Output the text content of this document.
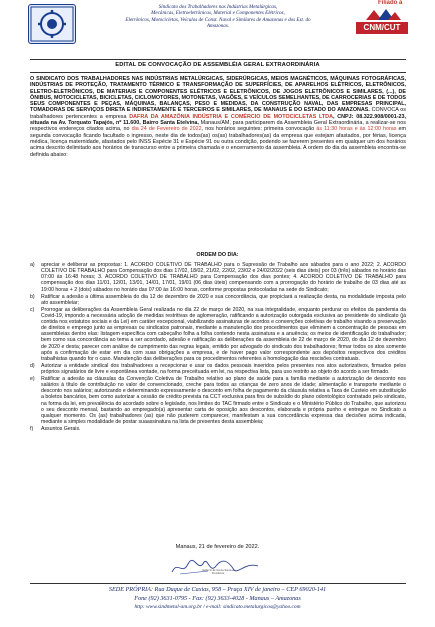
Sindicato dos Trabalhadores nas Indústrias Metalúrgicas,
Mecânicas, Eletroeletrônicas, Material e Componentes Elétricos,
Eletrônicos, Motocicletas, Veículos de Const. Naval e Similares de Amazonas e dos Est. do
Amazonas.
Filiado à
CNM/CUT
EDITAL DE CONVOCAÇÃO DE ASSEMBLÉIA GERAL EXTRAORDINÁRIA
O SINDICATO DOS TRABALHADORES NAS INDÚSTRIAS METALÚRGICAS, SIDERÚRGICAS, MEIOS MAGNÉTICOS, MÁQUINAS FOTOGRÁFICAS, INDÚSTRIAS DE PROTEÇÃO, TRATAMENTO TÉRMICO E TRANSFORMAÇÃO DE SUPERFÍCIES, DE APARELHOS ELÉTRICOS, ELETRÔNICOS, ELETRO-ELETRÔNICOS, DE MATERIAIS E COMPONENTES ELÉTRICOS E ELETRÔNICOS, DE JOGOS ELETRÔNICOS E SIMILARES, (...), DE ÔNIBUS, MOTOCICLETAS, BICICLETAS, CICLOMOTORES, MOTONETAS, VAGÕES, E VEÍCULOS SEMELHANTES, DE CARROCERIAS E DE TODOS SEUS COMPONENTES E PEÇAS, MÁQUINAS, BALANÇAS, PESO E MEDIDAS, DA CONSTRUÇÃO NAVAL, DAS EMPRESAS PRINCIPAL, TOMADORAS DE SERVIÇOS DIRETA E INDIRETAMENTE E TERCEIROS E SIMILARES, DE MANAUS E DO ESTADO DO AMAZONAS. CONVOCA os trabalhadores pertencentes a empresa DAFRA DA AMAZÔNIA INDÚSTRIA E COMÉRCIO DE MOTOCICLETAS LTDA, CNPJ: 08.322.908/0001-23, situada na Av. Torquato Tapajós, nº 11.600, Bairro Santa Etelvina, Manaus/AM, para participarem da Assembleia Geral Extraordinária, a realizar-se nos respectivos endereços citados acima, no dia 24 de Fevereiro de 2022, nos horários seguintes: primeira convocação às 11:30 horas e às 12:00 horas em segunda convocação ficando facultado o ingresso, neste dia de todos(as) os(as) trabalhadores(as) da empresa que estejam afastados, por férias, licença médica, licença maternidade, afastados pelo INSS Espécie 31 e Espécie 91 ou outra condição, podendo se fazerem presentes em qualquer um dos horários acima descrito delimitado aos horários de transcurso entre a primeira chamada e o encerramento da assembleia. A ordem do dia da assembleia encontra-se definida abaixo:
ORDEM DO DIA:
a) apreciar e deliberar as propostas: 1. ACORDO COLETIVO DE TRABALHO para o Supressão de Trabalho aos sábados para o ano 2022; 2. ACORDO COLETIVO DE TRABALHO para Compensação dos dias 17/02, 18/02, 21/02, 22/02, 23/02 e 24/02/2022 (seis dias úteis) por 03 (três) sábados no horário das 07:00 às 16:48 horas; 3. ACORDO COLETIVO DE TRABALHO para Compensação dos dias pontes; 4. ACORDO COLETIVO DE TRABALHO para compensação dos dias 11/01, 12/01, 13/01, 14/01, 17/01, 19/01 (06 dias úteis) compensando com a prorrogação do horário de trabalho de 03 dias até as 19:00 horas + 2 (dois) sábados no horário das 07:00 às 16:00 horas, conforme propostas protocoladas na sede do Sindicato;
b) Ratificar a adesão a última assembleia do dia 12 de dezembro de 2020 e sua concordância, que propiciará a realização desta, na modalidade imposta pelo ato assembleiar;
c) Prorrogar as deliberações da Assembleia Geral realizada no dia 22 de março de 2020, na sua integralidade, enquanto perdurar os efeitos da pandemia da Covid-19, impondo a necessária adoção de medidas restritivas de aglomeração, ratificando a autorização outorgada exclusiva ao presidente do sindicato (já contida nos estatutos sociais e da Lei) em caráter excepcional, viabilizando assinaturas de acordos e convenções coletivas de trabalho visando a preservação de direitos e emprego junto as empresas ou sindicatos patronais, mediante a manutenção dos procedimentos que eliminem a concentração de pessoas em assembleias dentro elas: listagem específica com cabeçalho folha a folha contendo nesta assinatura e a anuência; os meios de identificação do trabalhador; bem como sua concordância ao tema a ser acordado, adesão e ratificação as deliberações da assembleia de 22 de março de 2020, do dia 12 de dezembro de 2020 e desta; parecer com análise de cumprimento das regras legais, emitido por advogado do sindicato dos trabalhadores; firmar todos os atos somente após a confirmação de estar em dia com suas obrigações a empresa, e de haver pago valor correspondente aos depósitos respectivos dos créditos trabalhistas quando for o caso. Manutenção das deliberações para os procedimentos referentes a homologação das rescisões contratuais.
d) Autorizar a entidade sindical dos trabalhadores a recepcionar e usar os dados pessoais inseridos pelos presentes nos atos autorizativos, firmados pelos próprios signatários de livre e espontânea vontade, na forma preceituada em lei, na respectiva lista, para uso restrito ao objeto do acordo a ser firmado.
e) Ratificar a adesão as cláusulas da Convenção Coletiva de Trabalho relativo ao plano de saúde para a família mediante a autorização de desconto nos salários à título de contribuição no valor de convencionado, creche para todos as crianças de zero anos de idade; alimentação e transporte mediante o desconto nos salários; autorizando e determinando expressamente o desconto em folha de pagamento da cláusula relativa a Taxa de Custeio em substituição a boletos bancários, bem como autorizar a cessão de crédito prevista na CCT exclusiva para fins de subsídio do plano odontológico contratado pelo sindicato, na forma da lei, em prevalência do acordado sobre o legislado, nos limites do TAC firmado entre o Sindicato e o Ministério Público do Trabalho, que autorizou o seu desconto mensal, bastando ao empregado(a) apresentar carta de oposição aos descontos, elaborada e própria punho e entregue no Sindicato a qualquer momento. Os (as) trabalhadores (as) que não puderem comparecer, manifestam a sua concordância expressa das decisões acima indicada, mediante a simples modalidade de postar suaassinatura na lista de presentes desta assembleia;
f) Assuntos Gerais.
Manaus, 21 de fevereiro de 2022.
Valdemir de Souza Santana Presidente
SEDE PRÓPRIA: Rua Duque de Caxias, 958 – Praça XIV de janeiro – CEP 69020-141
Fone (92) 3631-0795 - Fax: (92) 3633-4028 - Manaus – Amazonas
http: www.sindmetal-am.org.br / e-mail: sindicato.metalurgicos@yahoo.com
